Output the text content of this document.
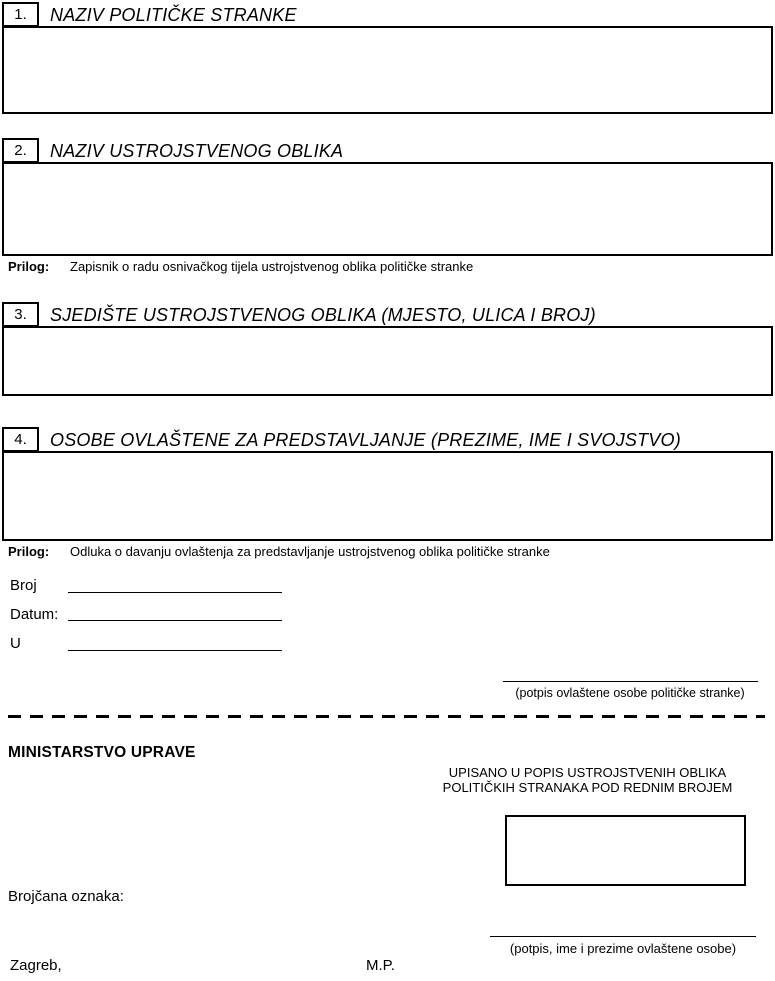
1.	NAZIV POLITIČKE STRANKE
2.	NAZIV USTROJSTVENOG OBLIKA
Prilog: Zapisnik o radu osnivačkog tijela ustrojstvenog oblika političke stranke
3.	SJEDIŠTE USTROJSTVENOG OBLIKA (MJESTO, ULICA I BROJ)
4.	OSOBE OVLAŠTENE ZA PREDSTAVLJANJE (PREZIME, IME I SVOJSTVO)
Prilog: Odluka o davanju ovlaštenja za predstavljanje ustrojstvenog oblika političke stranke
Broj
Datum:
U
(potpis ovlaštene osobe političke stranke)
MINISTARSTVO UPRAVE
UPISANO U POPIS USTROJSTVENIH OBLIKA
POLITIČKIH STRANAKA POD REDNIM BROJEM
Brojčana oznaka:
(potpis, ime i prezime ovlaštene osobe)
Zagreb,	M.P.
